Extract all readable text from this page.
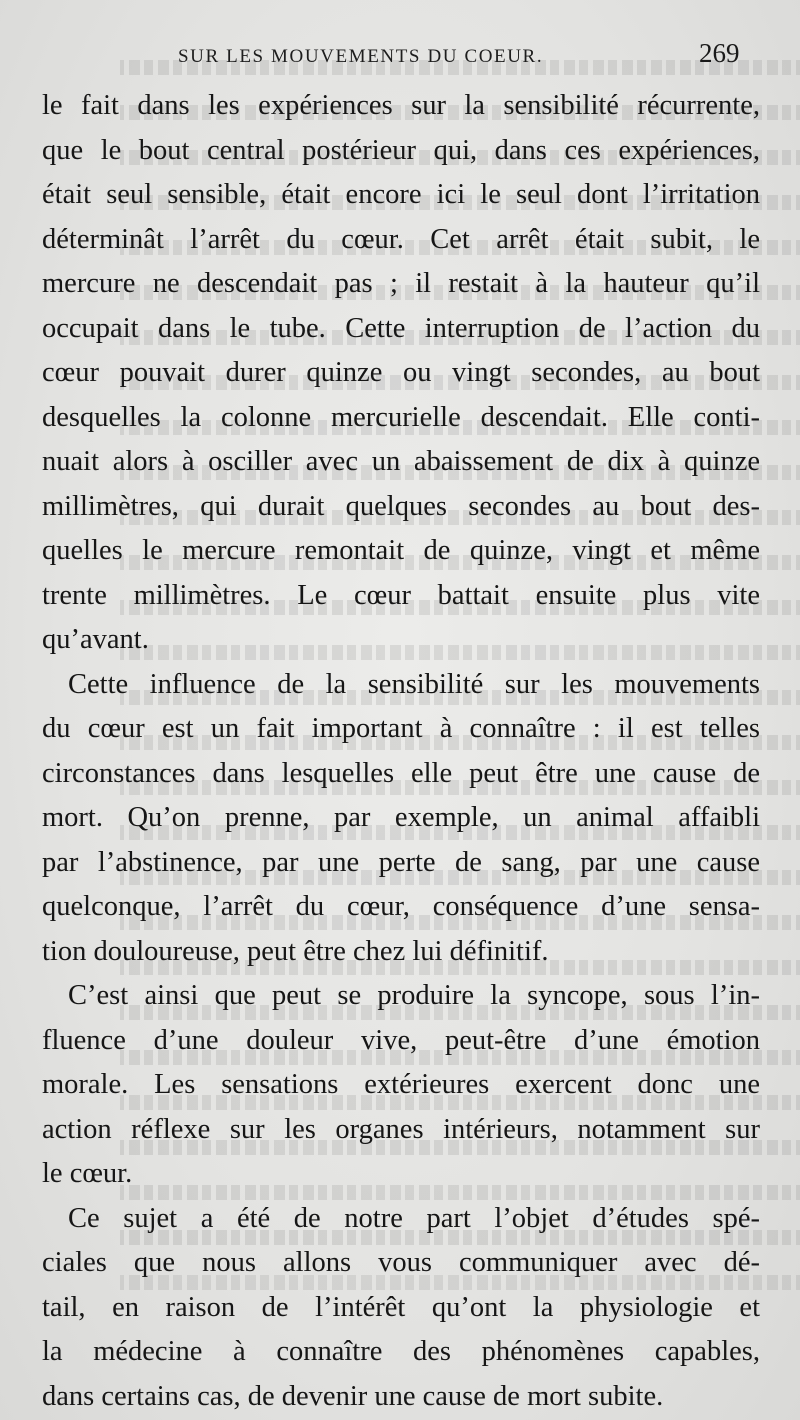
SUR LES MOUVEMENTS DU COEUR.	269
le fait dans les expériences sur la sensibilité récurrente,
que le bout central postérieur qui, dans ces expériences,
était seul sensible, était encore ici le seul dont l’irritation
déterminât l’arrêt du cœur. Cet arrêt était subit, le
mercure ne descendait pas ; il restait à la hauteur qu’il
occupait dans le tube. Cette interruption de l’action du
cœur pouvait durer quinze ou vingt secondes, au bout
desquelles la colonne mercurielle descendait. Elle conti-
nuait alors à osciller avec un abaissement de dix à quinze
millimètres, qui durait quelques secondes au bout des-
quelles le mercure remontait de quinze, vingt et même
trente millimètres. Le cœur battait ensuite plus vite
qu’avant.
Cette influence de la sensibilité sur les mouvements
du cœur est un fait important à connaître : il est telles
circonstances dans lesquelles elle peut être une cause de
mort. Qu’on prenne, par exemple, un animal affaibli
par l’abstinence, par une perte de sang, par une cause
quelconque, l’arrêt du cœur, conséquence d’une sensa-
tion douloureuse, peut être chez lui définitif.
C’est ainsi que peut se produire la syncope, sous l’in-
fluence d’une douleur vive, peut-être d’une émotion
morale. Les sensations extérieures exercent donc une
action réflexe sur les organes intérieurs, notamment sur
le cœur.
Ce sujet a été de notre part l’objet d’études spé-
ciales que nous allons vous communiquer avec dé-
tail, en raison de l’intérêt qu’ont la physiologie et
la médecine à connaître des phénomènes capables,
dans certains cas, de devenir une cause de mort subite.
